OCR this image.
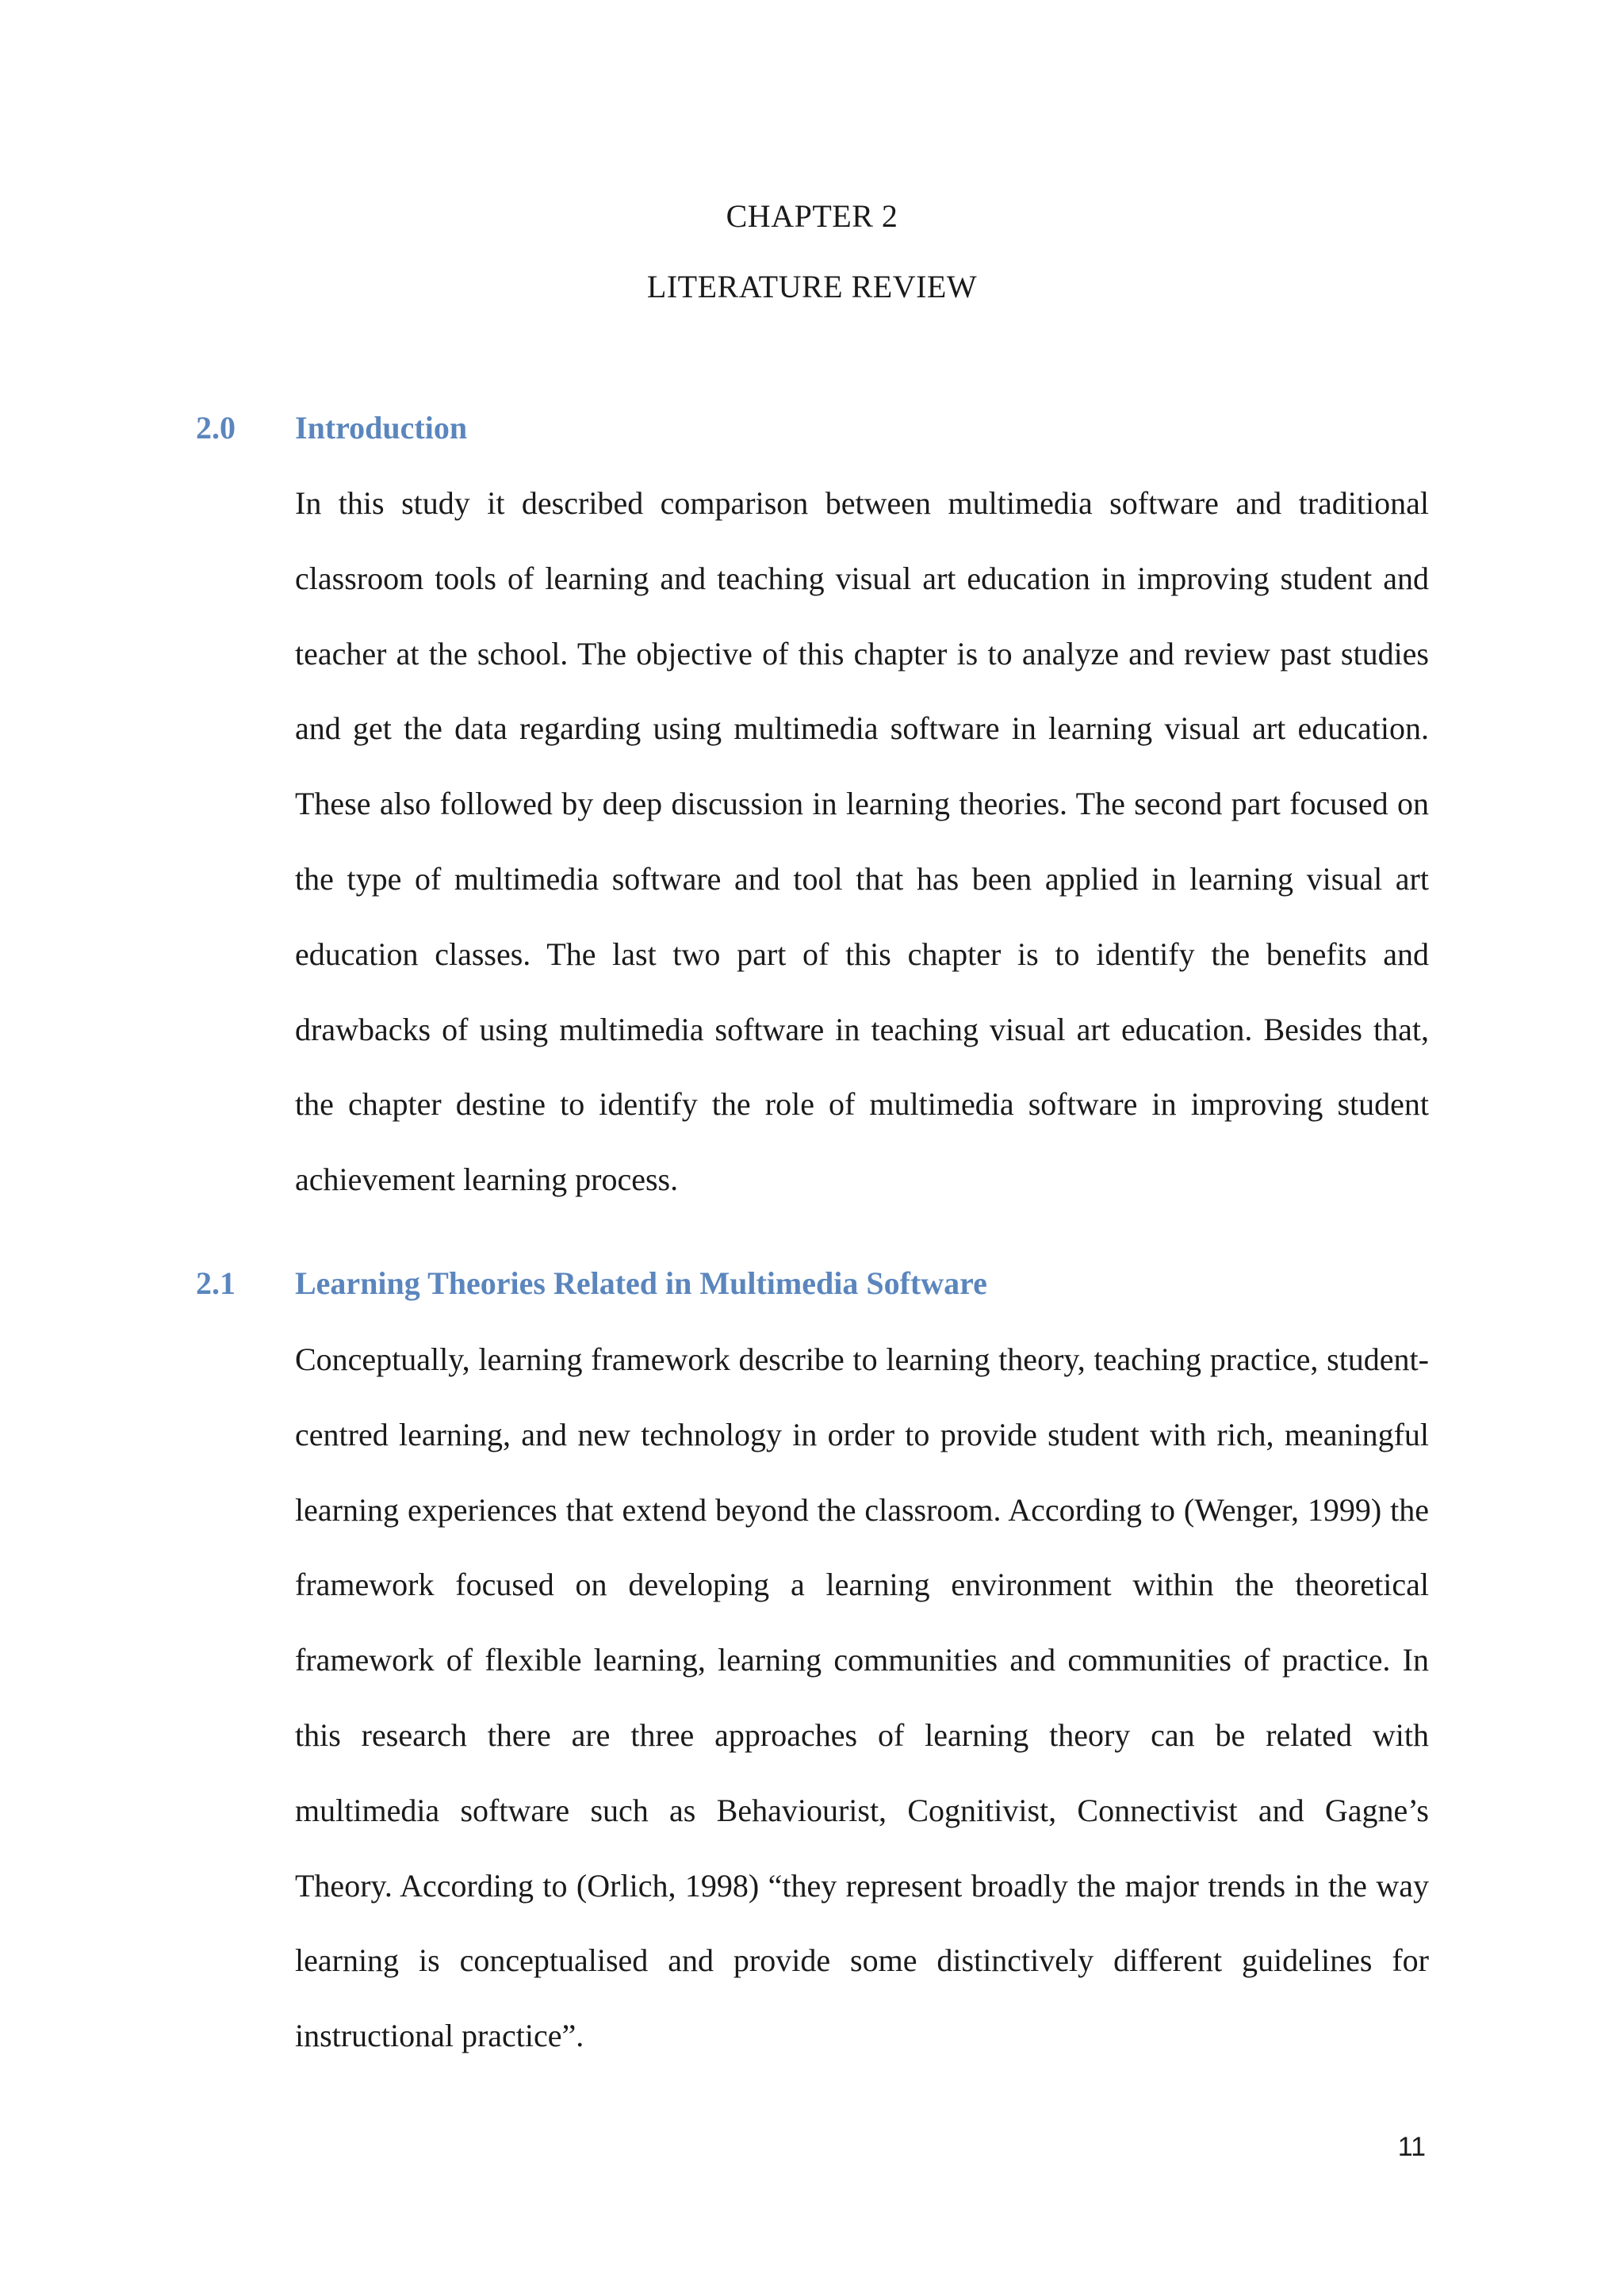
CHAPTER 2
LITERATURE REVIEW
2.0 Introduction

In this study it described comparison between multimedia software and traditional classroom tools of learning and teaching visual art education in improving student and teacher at the school. The objective of this chapter is to analyze and review past studies and get the data regarding using multimedia software in learning visual art education. These also followed by deep discussion in learning theories. The second part focused on the type of multimedia software and tool that has been applied in learning visual art education classes. The last two part of this chapter is to identify the benefits and drawbacks of using multimedia software in teaching visual art education. Besides that, the chapter destine to identify the role of multimedia software in improving student achievement learning process.

2.1 Learning Theories Related in Multimedia Software

Conceptually, learning framework describe to learning theory, teaching practice, student-centred learning, and new technology in order to provide student with rich, meaningful learning experiences that extend beyond the classroom. According to (Wenger, 1999) the framework focused on developing a learning environment within the theoretical framework of flexible learning, learning communities and communities of practice. In this research there are three approaches of learning theory can be related with multimedia software such as Behaviourist, Cognitivist, Connectivist and Gagne’s Theory. According to (Orlich, 1998) “they represent broadly the major trends in the way learning is conceptualised and provide some distinctively different guidelines for instructional practice”.

11
